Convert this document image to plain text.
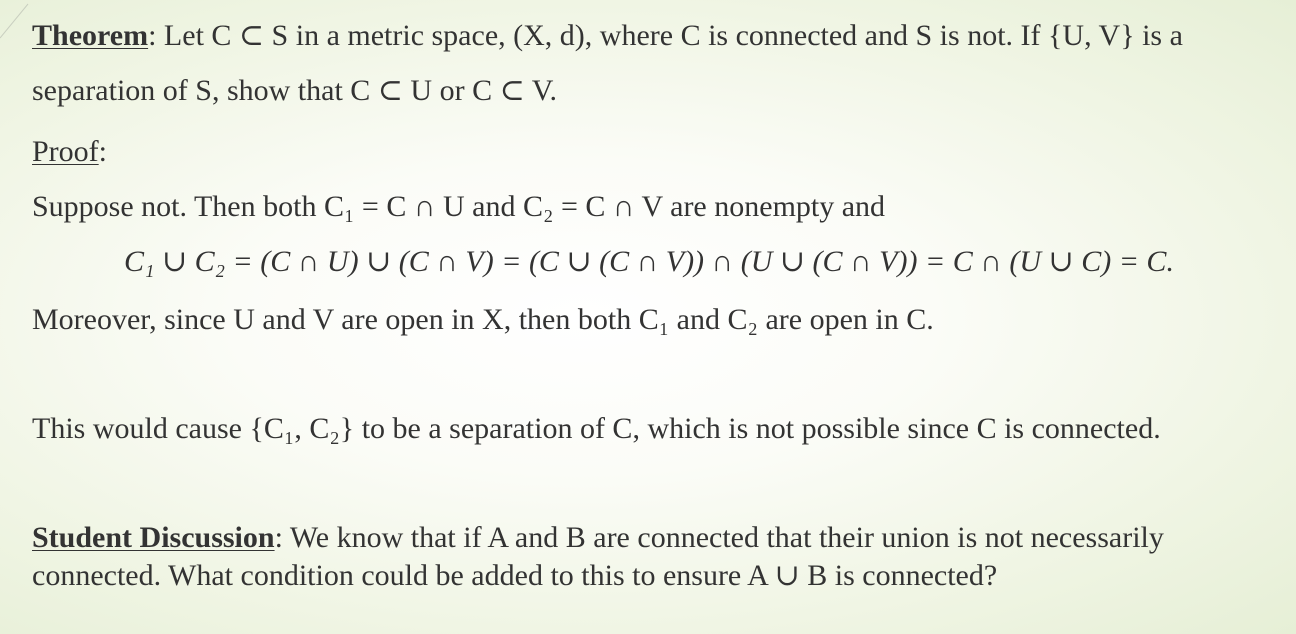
Theorem: Let C ⊂ S in a metric space, (X, d), where C is connected and S is not. If {U, V} is a
separation of S, show that C ⊂ U or C ⊂ V.
Proof:
Suppose not. Then both C₁ = C ∩ U and C₂ = C ∩ V are nonempty and
C₁ ∪ C₂ = (C ∩ U) ∪ (C ∩ V) = (C ∪ (C ∩ V)) ∩ (U ∪ (C ∩ V)) = C ∩ (U ∪ C) = C.
Moreover, since U and V are open in X, then both C₁ and C₂ are open in C.
This would cause {C₁, C₂} to be a separation of C, which is not possible since C is connected.
Student Discussion: We know that if A and B are connected that their union is not necessarily
connected. What condition could be added to this to ensure A ∪ B is connected?
